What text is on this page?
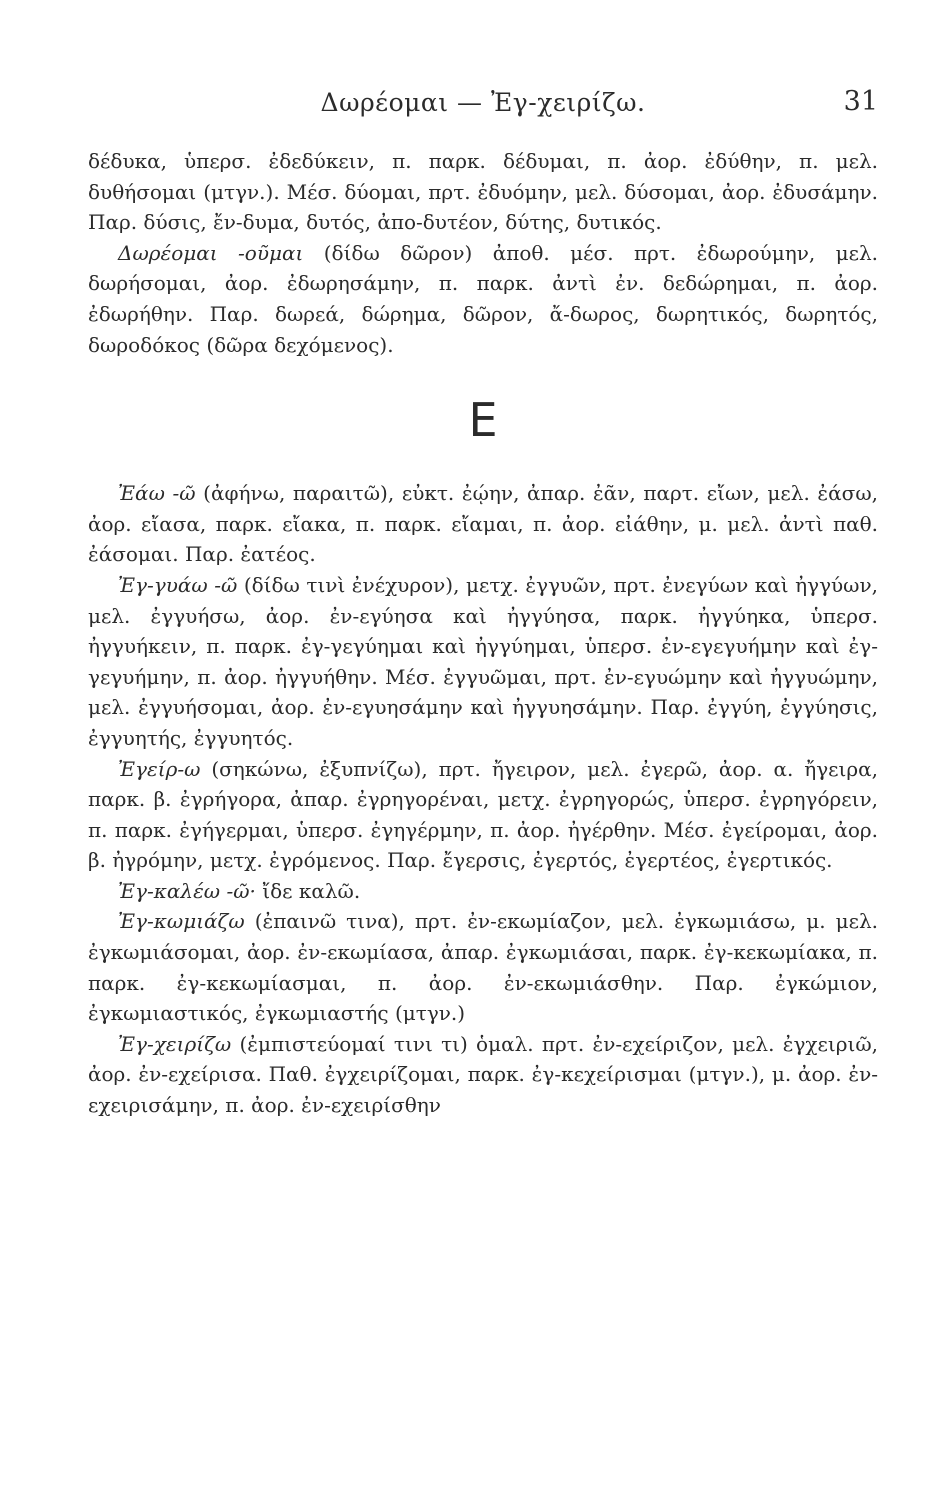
Δωρέομαι — Ἐγ-χειρίζω.	31

δέδυκα, ὑπερσ. ἐδεδύκειν, π. παρκ. δέδυμαι, π. ἀορ. ἐδύθην, π. μελ. δυθήσομαι (μτγν.). Μέσ. δύομαι, πρτ. ἐδυόμην, μελ. δύσομαι, ἀορ. ἐδυσάμην. Παρ. δύσις, ἔν-δυμα, δυτός, ἀπο-δυτέον, δύτης, δυτικός.

Δωρέομαι -οῦμαι (δίδω δῶρον) ἀποθ. μέσ. πρτ. ἐδωρούμην, μελ. δωρήσομαι, ἀορ. ἐδωρησάμην, π. παρκ. ἀντὶ ἐν. δεδώρημαι, π. ἀορ. ἐδωρήθην. Παρ. δωρεά, δώρημα, δῶρον, ἄ-δωρος, δωρητικός, δωρητός, δωροδόκος (δῶρα δεχόμενος).

Ε

Ἐάω -ῶ (ἀφήνω, παραιτῶ), εὐκτ. ἐῴην, ἀπαρ. ἐᾶν, παρτ. εἴων, μελ. ἐάσω, ἀορ. εἴασα, παρκ. εἴακα, π. παρκ. εἴαμαι, π. ἀορ. εἰάθην, μ. μελ. ἀντὶ παθ. ἐάσομαι. Παρ. ἐατέος.

Ἐγ-γυάω -ῶ (δίδω τινὶ ἐνέχυρον), μετχ. ἐγγυῶν, πρτ. ἐνεγύων καὶ ἠγγύων, μελ. ἐγγυήσω, ἀορ. ἐν-εγύησα καὶ ἠγγύησα, παρκ. ἠγγύηκα, ὑπερσ. ἠγγυήκειν, π. παρκ. ἐγ-γεγύημαι καὶ ἠγγύημαι, ὑπερσ. ἐν-εγεγυήμην καὶ ἐγ-γεγυήμην, π. ἀορ. ἠγγυήθην. Μέσ. ἐγγυῶμαι, πρτ. ἐν-εγυώμην καὶ ἠγγυώμην, μελ. ἐγγυήσομαι, ἀορ. ἐν-εγυησάμην καὶ ἠγγυησάμην. Παρ. ἐγγύη, ἐγγύησις, ἐγγυητής, ἐγγυητός.

Ἐγείρ-ω (σηκώνω, ἐξυπνίζω), πρτ. ἤγειρον, μελ. ἐγερῶ, ἀορ. α. ἤγειρα, παρκ. β. ἐγρήγορα, ἀπαρ. ἐγρηγορέναι, μετχ. ἐγρηγορώς, ὑπερσ. ἐγρηγόρειν, π. παρκ. ἐγήγερμαι, ὑπερσ. ἐγηγέρμην, π. ἀορ. ἠγέρθην. Μέσ. ἐγείρομαι, ἀορ. β. ἠγρόμην, μετχ. ἐγρόμενος. Παρ. ἔγερσις, ἐγερτός, ἐγερτέος, ἐγερτικός.

Ἐγ-καλέω -ῶ· ἴδε καλῶ.

Ἐγ-κωμιάζω (ἐπαινῶ τινα), πρτ. ἐν-εκωμίαζον, μελ. ἐγκωμιάσω, μ. μελ. ἐγκωμιάσομαι, ἀορ. ἐν-εκωμίασα, ἀπαρ. ἐγκωμιάσαι, παρκ. ἐγ-κεκωμίακα, π. παρκ. ἐγ-κεκωμίασμαι, π. ἀορ. ἐν-εκωμιάσθην. Παρ. ἐγκώμιον, ἐγκωμιαστικός, ἐγκωμιαστής (μτγν.)

Ἐγ-χειρίζω (ἐμπιστεύομαί τινι τι) ὁμαλ. πρτ. ἐν-εχείριζον, μελ. ἐγχειριῶ, ἀορ. ἐν-εχείρισα. Παθ. ἐγχειρίζομαι, παρκ. ἐγ-κεχείρισμαι (μτγν.), μ. ἀορ. ἐν-εχειρισάμην, π. ἀορ. ἐν-εχειρίσθην
